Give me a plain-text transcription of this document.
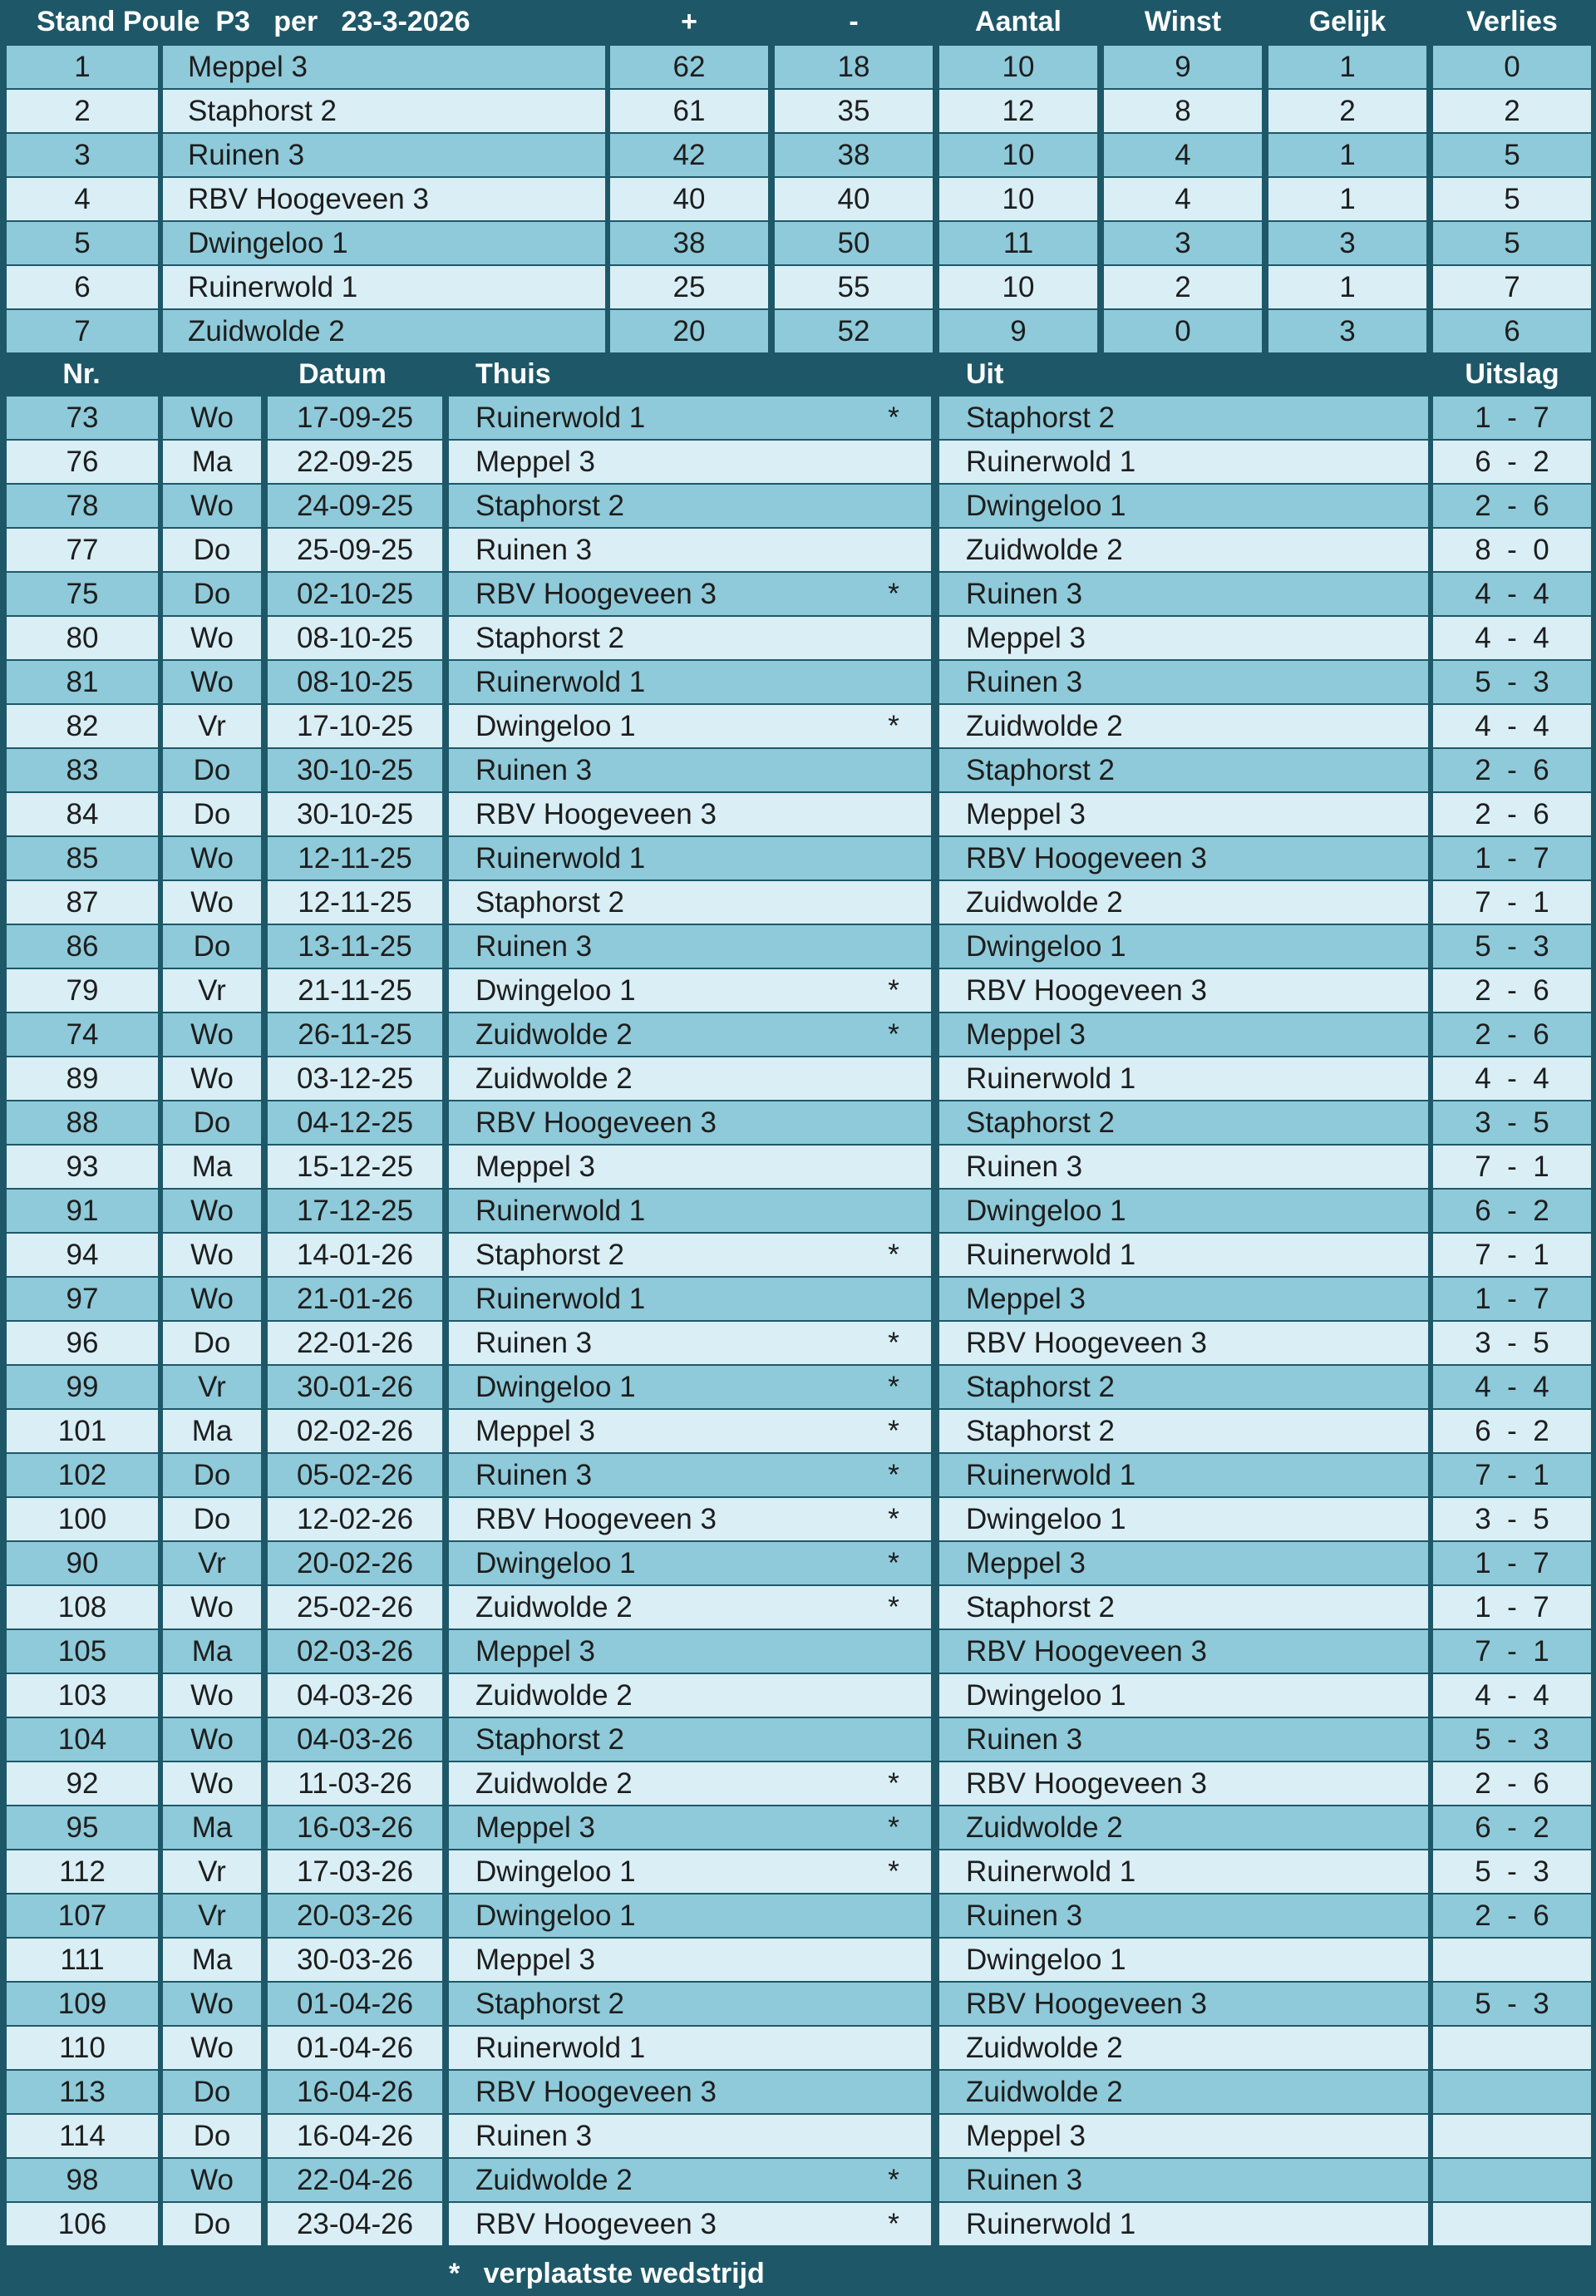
Stand Poule  P3   per   23-3-2026	+	-	Aantal	Winst	Gelijk	Verlies
Nr.	Datum	Thuis	Uit	Uitslag
*   verplaatste wedstrijd
1	Meppel 3	62	18	10	9	1	0
2	Staphorst 2	61	35	12	8	2	2
3	Ruinen 3	42	38	10	4	1	5
4	RBV Hoogeveen 3	40	40	10	4	1	5
5	Dwingeloo 1	38	50	11	3	3	5
6	Ruinerwold 1	25	55	10	2	1	7
7	Zuidwolde 2	20	52	9	0	3	6
73	Wo	17-09-25	Ruinerwold 1	*	Staphorst 2	1  -  7
76	Ma	22-09-25	Meppel 3	Ruinerwold 1	6  -  2
78	Wo	24-09-25	Staphorst 2	Dwingeloo 1	2  -  6
77	Do	25-09-25	Ruinen 3	Zuidwolde 2	8  -  0
75	Do	02-10-25	RBV Hoogeveen 3	*	Ruinen 3	4  -  4
80	Wo	08-10-25	Staphorst 2	Meppel 3	4  -  4
81	Wo	08-10-25	Ruinerwold 1	Ruinen 3	5  -  3
82	Vr	17-10-25	Dwingeloo 1	*	Zuidwolde 2	4  -  4
83	Do	30-10-25	Ruinen 3	Staphorst 2	2  -  6
84	Do	30-10-25	RBV Hoogeveen 3	Meppel 3	2  -  6
85	Wo	12-11-25	Ruinerwold 1	RBV Hoogeveen 3	1  -  7
87	Wo	12-11-25	Staphorst 2	Zuidwolde 2	7  -  1
86	Do	13-11-25	Ruinen 3	Dwingeloo 1	5  -  3
79	Vr	21-11-25	Dwingeloo 1	*	RBV Hoogeveen 3	2  -  6
74	Wo	26-11-25	Zuidwolde 2	*	Meppel 3	2  -  6
89	Wo	03-12-25	Zuidwolde 2	Ruinerwold 1	4  -  4
88	Do	04-12-25	RBV Hoogeveen 3	Staphorst 2	3  -  5
93	Ma	15-12-25	Meppel 3	Ruinen 3	7  -  1
91	Wo	17-12-25	Ruinerwold 1	Dwingeloo 1	6  -  2
94	Wo	14-01-26	Staphorst 2	*	Ruinerwold 1	7  -  1
97	Wo	21-01-26	Ruinerwold 1	Meppel 3	1  -  7
96	Do	22-01-26	Ruinen 3	*	RBV Hoogeveen 3	3  -  5
99	Vr	30-01-26	Dwingeloo 1	*	Staphorst 2	4  -  4
101	Ma	02-02-26	Meppel 3	*	Staphorst 2	6  -  2
102	Do	05-02-26	Ruinen 3	*	Ruinerwold 1	7  -  1
100	Do	12-02-26	RBV Hoogeveen 3	*	Dwingeloo 1	3  -  5
90	Vr	20-02-26	Dwingeloo 1	*	Meppel 3	1  -  7
108	Wo	25-02-26	Zuidwolde 2	*	Staphorst 2	1  -  7
105	Ma	02-03-26	Meppel 3	RBV Hoogeveen 3	7  -  1
103	Wo	04-03-26	Zuidwolde 2	Dwingeloo 1	4  -  4
104	Wo	04-03-26	Staphorst 2	Ruinen 3	5  -  3
92	Wo	11-03-26	Zuidwolde 2	*	RBV Hoogeveen 3	2  -  6
95	Ma	16-03-26	Meppel 3	*	Zuidwolde 2	6  -  2
112	Vr	17-03-26	Dwingeloo 1	*	Ruinerwold 1	5  -  3
107	Vr	20-03-26	Dwingeloo 1	Ruinen 3	2  -  6
111	Ma	30-03-26	Meppel 3	Dwingeloo 1
109	Wo	01-04-26	Staphorst 2	RBV Hoogeveen 3	5  -  3
110	Wo	01-04-26	Ruinerwold 1	Zuidwolde 2
113	Do	16-04-26	RBV Hoogeveen 3	Zuidwolde 2
114	Do	16-04-26	Ruinen 3	Meppel 3
98	Wo	22-04-26	Zuidwolde 2	*	Ruinen 3
106	Do	23-04-26	RBV Hoogeveen 3	*	Ruinerwold 1
